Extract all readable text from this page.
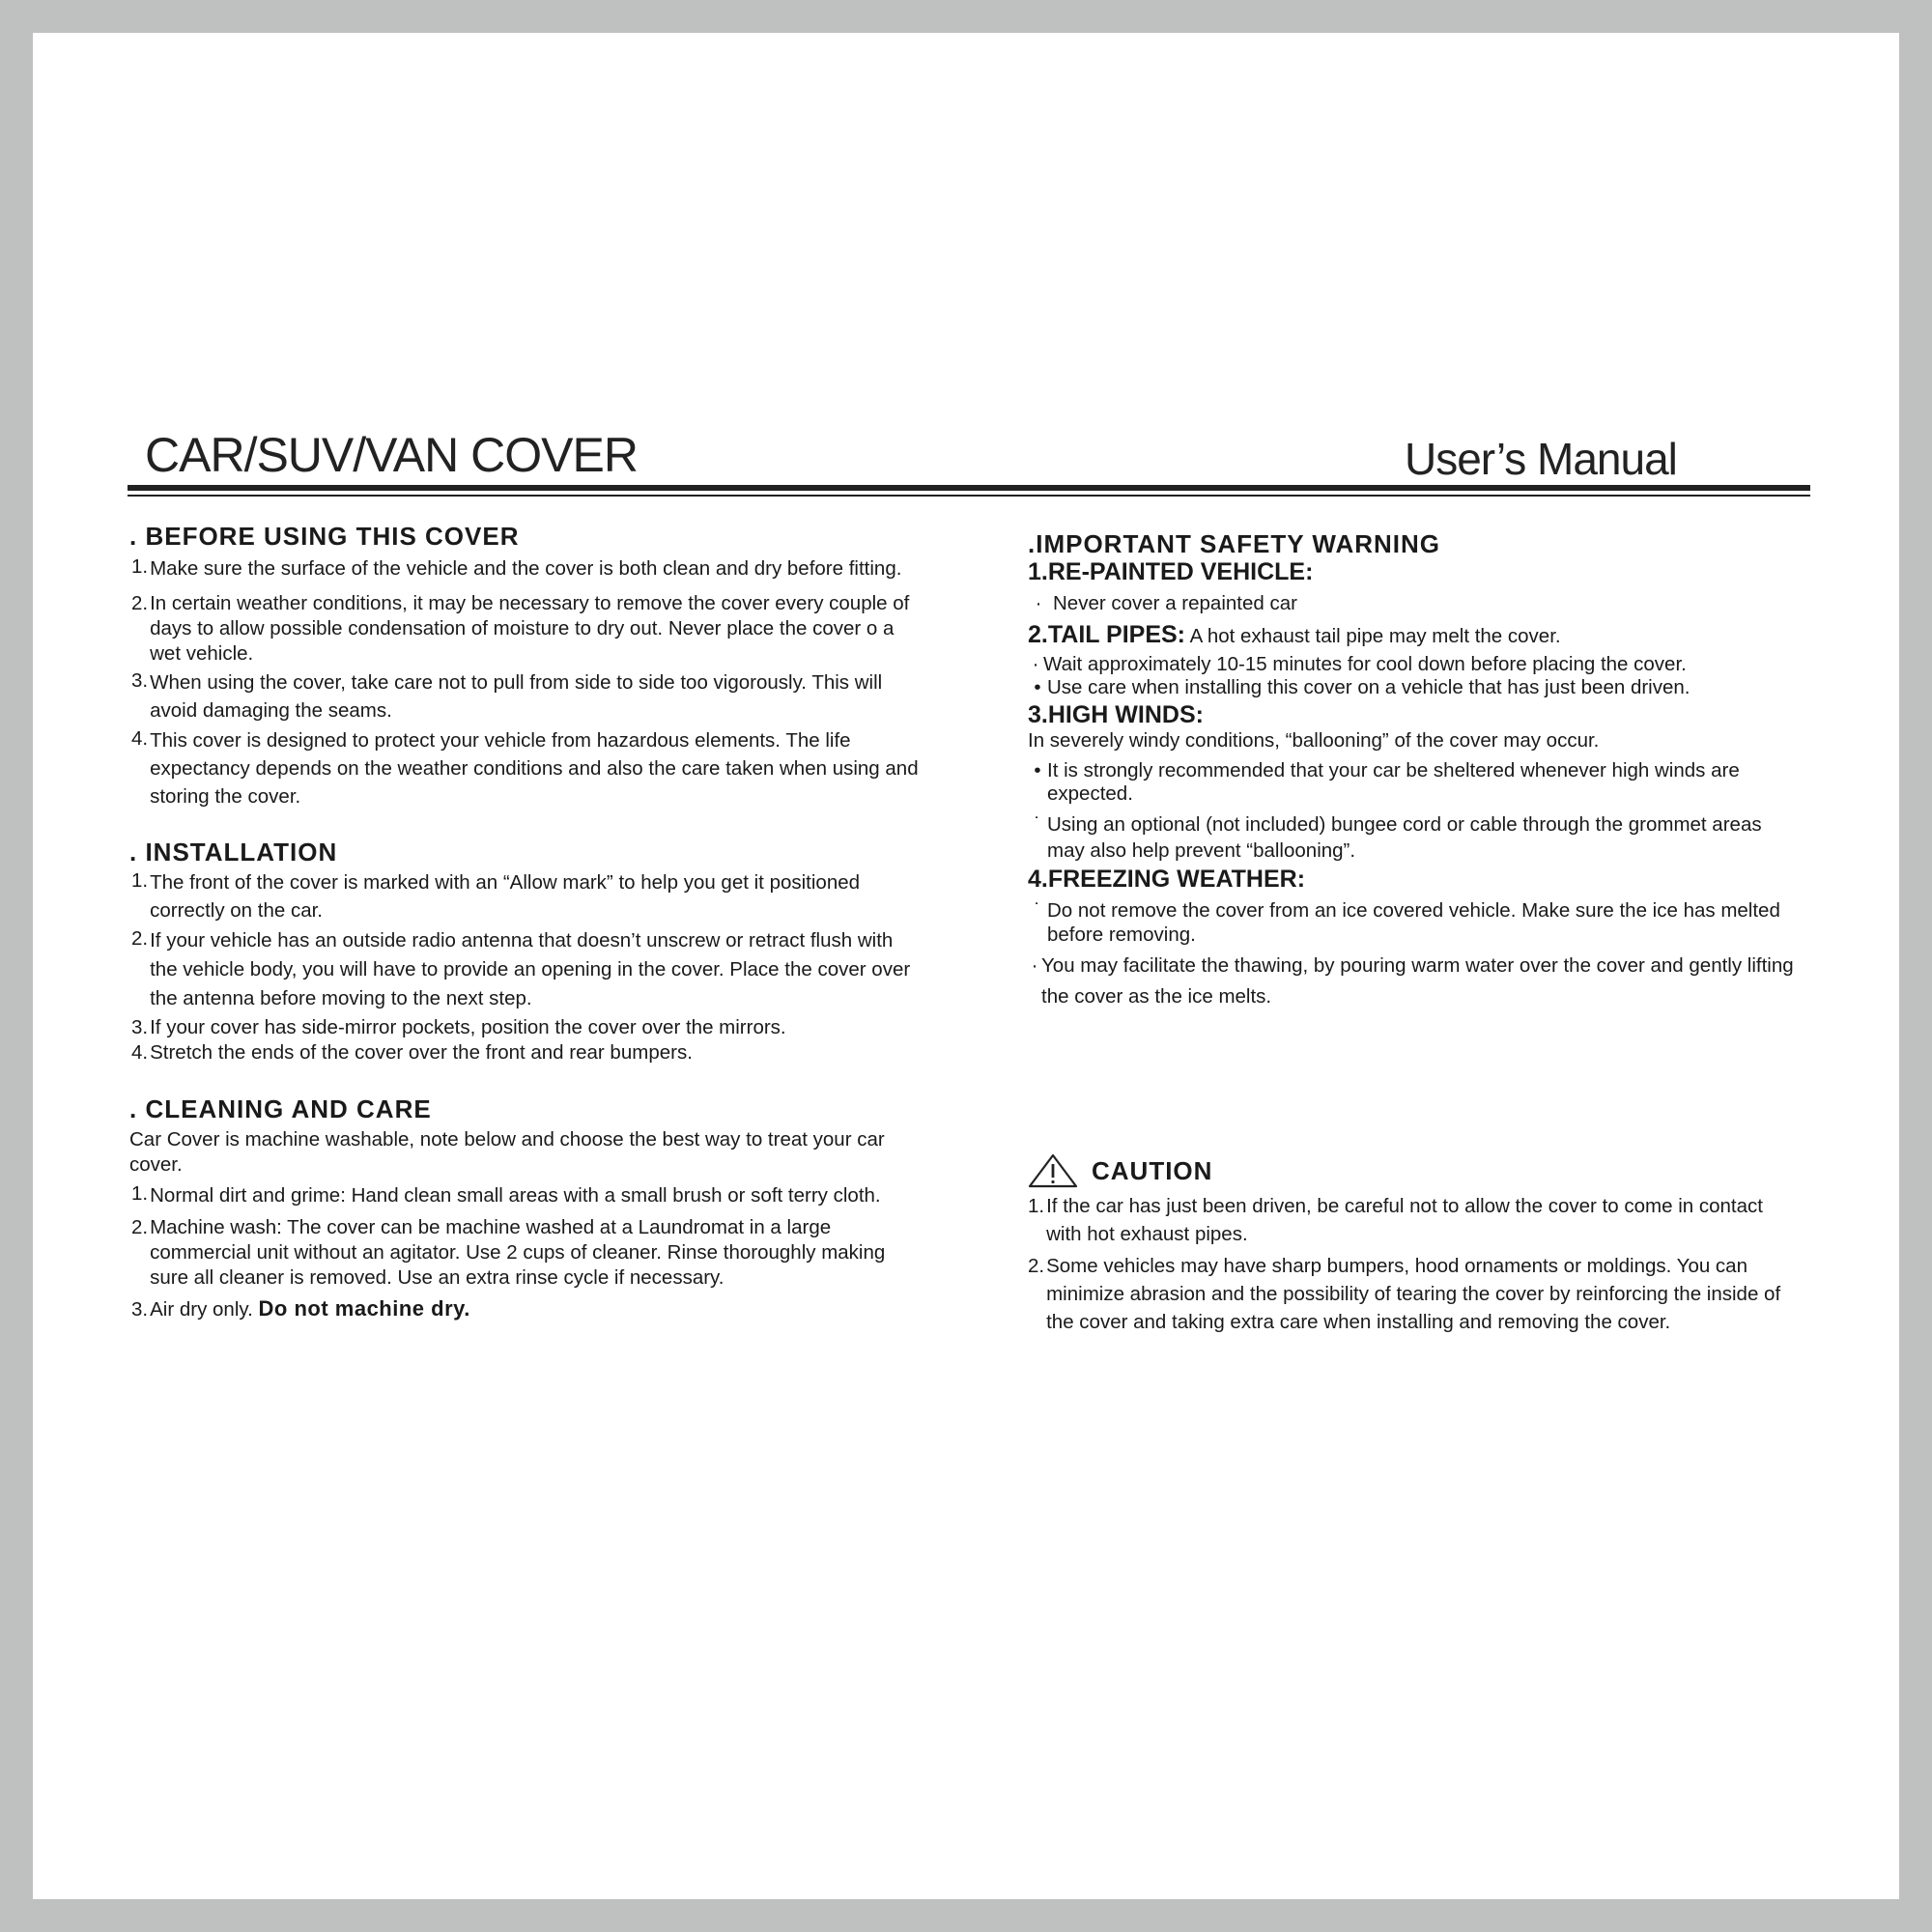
CAR/SUV/VAN COVER	User’s Manual
. BEFORE USING THIS COVER
1. Make sure the surface of the vehicle and the cover is both clean and dry before fitting.
2. In certain weather conditions, it may be necessary to remove the cover every couple of days to allow possible condensation of moisture to dry out. Never place the cover o a wet vehicle.
3. When using the cover, take care not to pull from side to side too vigorously. This will avoid damaging the seams.
4. This cover is designed to protect your vehicle from hazardous elements. The life expectancy depends on the weather conditions and also the care taken when using and storing the cover.
. INSTALLATION
1. The front of the cover is marked with an “Allow mark” to help you get it positioned correctly on the car.
2. If your vehicle has an outside radio antenna that doesn’t unscrew or retract flush with the vehicle body, you will have to provide an opening in the cover. Place the cover over the antenna before moving to the next step.
3. If your cover has side-mirror pockets, position the cover over the mirrors.
4. Stretch the ends of the cover over the front and rear bumpers.
. CLEANING AND CARE

Car Cover is machine washable, note below and choose the best way to treat your car cover.

1. Normal dirt and grime: Hand clean small areas with a small brush or soft terry cloth.
2. Machine wash: The cover can be machine washed at a Laundromat in a large commercial unit without an agitator. Use 2 cups of cleaner. Rinse thoroughly making sure all cleaner is removed. Use an extra rinse cycle if necessary.
3. Air dry only. Do not machine dry.
.IMPORTANT SAFETY WARNING
1.RE-PAINTED VEHICLE:
· Never cover a repainted car
2.TAIL PIPES: A hot exhaust tail pipe may melt the cover.
· Wait approximately 10-15 minutes for cool down before placing the cover.
• Use care when installing this cover on a vehicle that has just been driven.
3.HIGH WINDS:

In severely windy conditions, “ballooning” of the cover may occur.

• It is strongly recommended that your car be sheltered whenever high winds are expected.
˙ Using an optional (not included) bungee cord or cable through the grommet areas may also help prevent “ballooning”.
4.FREEZING WEATHER:
˙ Do not remove the cover from an ice covered vehicle. Make sure the ice has melted before removing.
· You may facilitate the thawing, by pouring warm water over the cover and gently lifting the cover as the ice melts.
CAUTION
1. If the car has just been driven, be careful not to allow the cover to come in contact with hot exhaust pipes.
2. Some vehicles may have sharp bumpers, hood ornaments or moldings. You can minimize abrasion and the possibility of tearing the cover by reinforcing the inside of the cover and taking extra care when installing and removing the cover.
